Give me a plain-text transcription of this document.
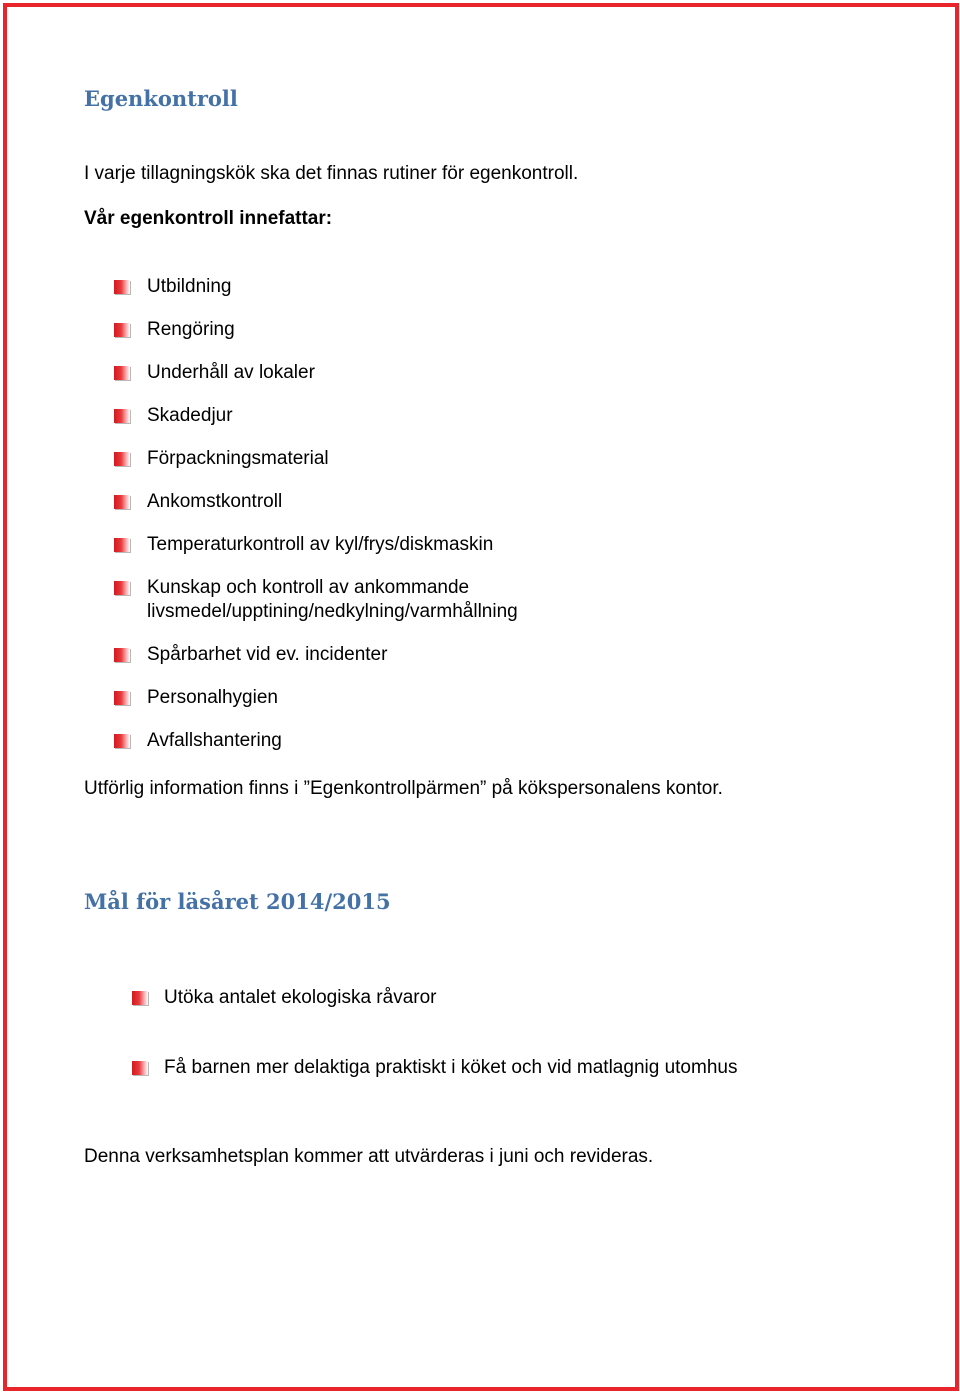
Egenkontroll

I varje tillagningskök ska det finnas rutiner för egenkontroll.

Vår egenkontroll innefattar:

Utbildning
Rengöring
Underhåll av lokaler
Skadedjur
Förpackningsmaterial
Ankomstkontroll
Temperaturkontroll av kyl/frys/diskmaskin
Kunskap och kontroll av ankommande
livsmedel/upptining/nedkylning/varmhållning
Spårbarhet vid ev. incidenter
Personalhygien
Avfallshantering

Utförlig information finns i ”Egenkontrollpärmen” på kökspersonalens kontor.

Mål för läsåret 2014/2015
Utöka antalet ekologiska råvaror
Få barnen mer delaktiga praktiskt i köket och vid matlagnig utomhus

Denna verksamhetsplan kommer att utvärderas i juni och revideras.
